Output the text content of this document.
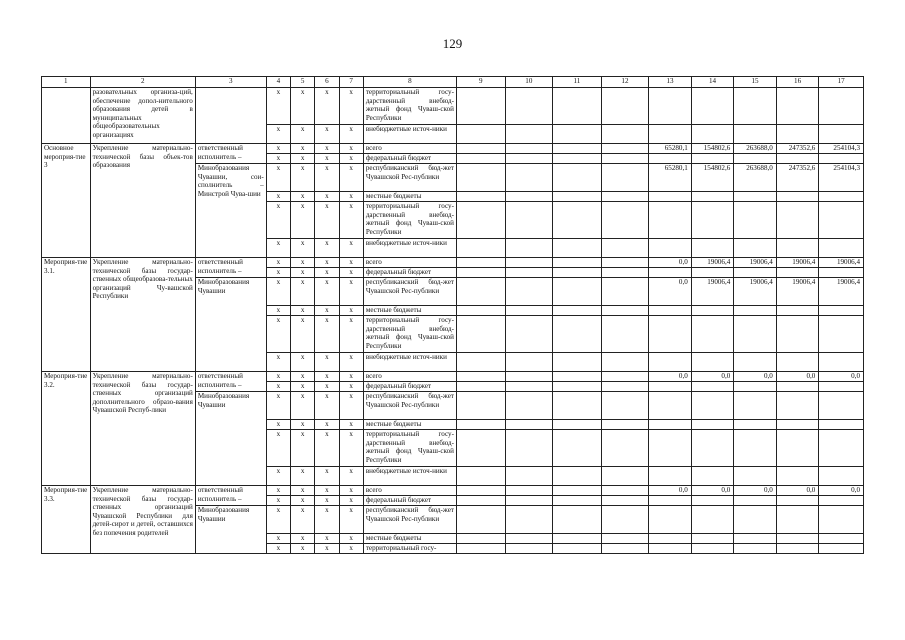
129
1	2	3	4	5	6	7	8	9	10	11	12	13	14	15	16	17
	разовательных организа-ций, обеспечение допол-нительного образования детей в муниципальных общеобразовательных организациях		x	x	x	x	территориальный госу-дарственный внебюд-жетный фонд Чуваш-ской Республики									
			x	x	x	x	внебюджетные источ-ники									
Основное мероприя-тие 3	Укрепление материально-технической базы объек-тов образования	ответственный исполнитель –	x	x	x	x	всего					65280,1	154802,6	263688,0	247352,6	254104,3
			x	x	x	x	федеральный бюджет									
		Минобразования Чувашии, сои-сполнитель – Минстрой Чува-шии	x	x	x	x	республиканский бюд-жет Чувашской Рес-публики					65280,1	154802,6	263688,0	247352,6	254104,3
			x	x	x	x	местные бюджеты									
			x	x	x	x	территориальный госу-дарственный внебюд-жетный фонд Чуваш-ской Республики									
			x	x	x	x	внебюджетные источ-ники									
Мероприя-тие 3.1.	Укрепление материально-технической базы государ-ственных общеобразова-тельных организаций Чу-вашской Республики	ответственный исполнитель –	x	x	x	x	всего					0,0	19006,4	19006,4	19006,4	19006,4
			x	x	x	x	федеральный бюджет									
		Минобразования Чувашии	x	x	x	x	республиканский бюд-жет Чувашской Рес-публики					0,0	19006,4	19006,4	19006,4	19006,4
			x	x	x	x	местные бюджеты									
			x	x	x	x	территориальный госу-дарственный внебюд-жетный фонд Чуваш-ской Республики									
			x	x	x	x	внебюджетные источ-ники									
Мероприя-тие 3.2.	Укрепление материально-технической базы государ-ственных организаций дополнительного образо-вания Чувашской Респуб-лики	ответственный исполнитель –	x	x	x	x	всего					0,0	0,0	0,0	0,0	0,0
			x	x	x	x	федеральный бюджет									
		Минобразования Чувашии	x	x	x	x	республиканский бюд-жет Чувашской Рес-публики									
			x	x	x	x	местные бюджеты									
			x	x	x	x	территориальный госу-дарственный внебюд-жетный фонд Чуваш-ской Республики									
			x	x	x	x	внебюджетные источ-ники									
Мероприя-тие 3.3.	Укрепление материально-технической базы государ-ственных организаций Чувашской Республики для детей-сирот и детей, оставшихся без попечения родителей	ответственный исполнитель –	x	x	x	x	всего					0,0	0,0	0,0	0,0	0,0
			x	x	x	x	федеральный бюджет									
		Минобразования Чувашии	x	x	x	x	республиканский бюд-жет Чувашской Рес-публики									
			x	x	x	x	местные бюджеты									
			x	x	x	x	территориальный госу-									
